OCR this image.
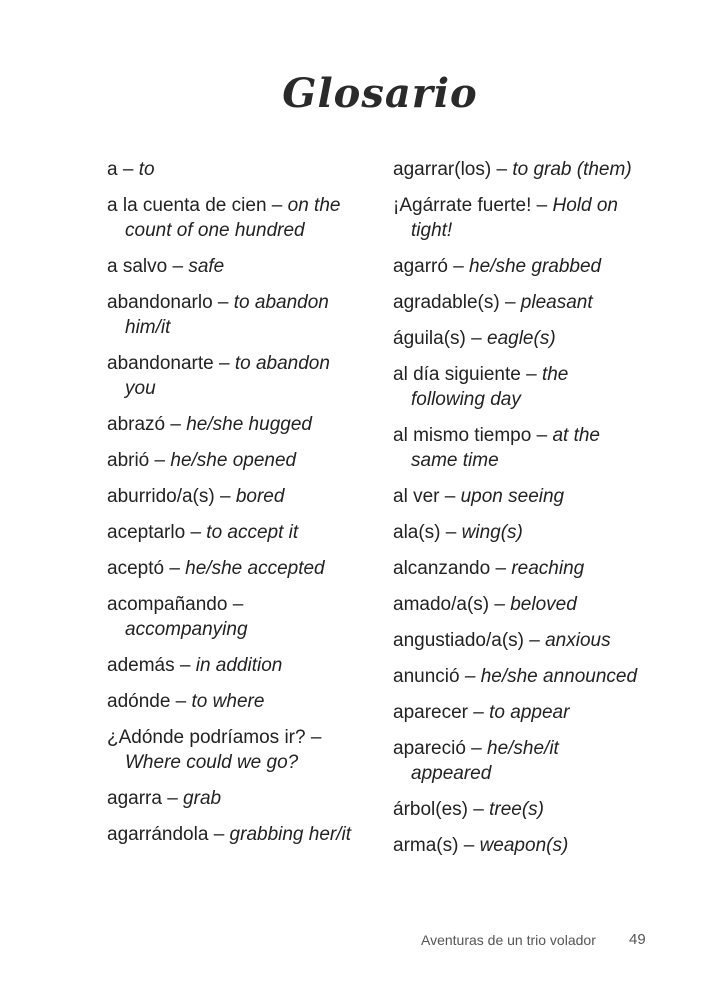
Glosario
a – to
a la cuenta de cien – on the count of one hundred
a salvo – safe
abandonarlo – to abandon him/it
abandonarte – to abandon you
abrazó – he/she hugged
abrió – he/she opened
aburrido/a(s) – bored
aceptarlo – to accept it
aceptó – he/she accepted
acompañando – accompanying
además – in addition
adónde – to where
¿Adónde podríamos ir? – Where could we go?
agarra – grab
agarrándola – grabbing her/it
agarrar(los) – to grab (them)
¡Agárrate fuerte! – Hold on tight!
agarró – he/she grabbed
agradable(s) – pleasant
águila(s) – eagle(s)
al día siguiente – the following day
al mismo tiempo – at the same time
al ver – upon seeing
ala(s) – wing(s)
alcanzando – reaching
amado/a(s) – beloved
angustiado/a(s) – anxious
anunció – he/she announced
aparecer – to appear
apareció – he/she/it appeared
árbol(es) – tree(s)
arma(s) – weapon(s)
Aventuras de un trio volador 49
